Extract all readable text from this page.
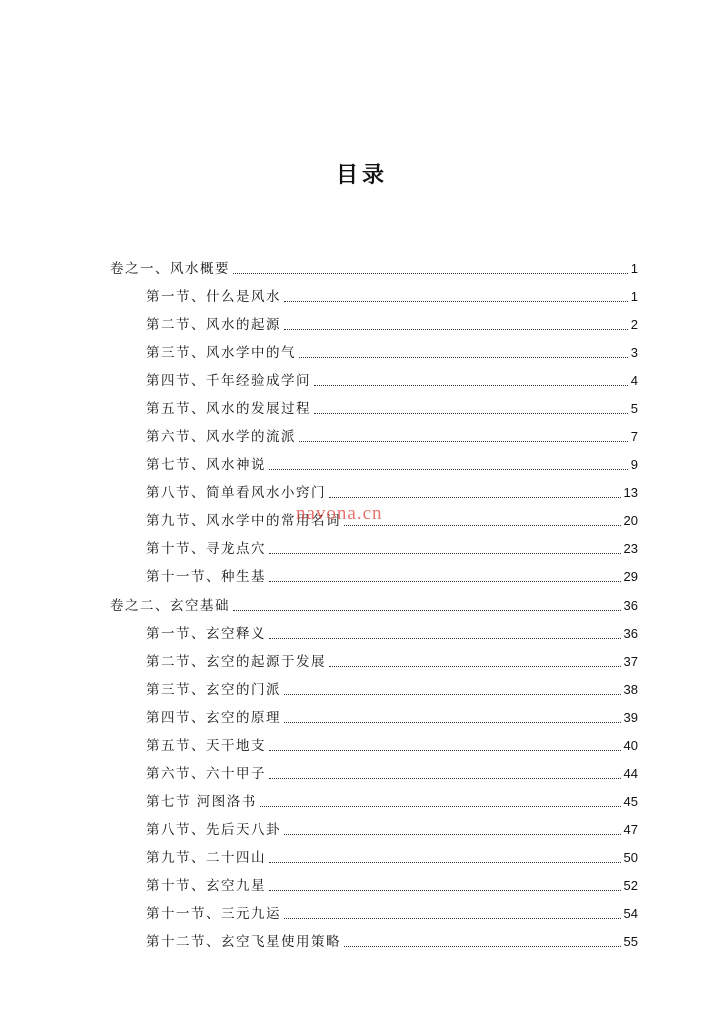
目录
卷之一、风水概要	1
第一节、什么是风水	1
第二节、风水的起源	2
第三节、风水学中的气	3
第四节、千年经验成学问	4
第五节、风水的发展过程	5
第六节、风水学的流派	7
第七节、风水神说	9
第八节、简单看风水小窍门	13
第九节、风水学中的常用名词	20
第十节、寻龙点穴	23
第十一节、种生基	29
卷之二、玄空基础	36
第一节、玄空释义	36
第二节、玄空的起源于发展	37
第三节、玄空的门派	38
第四节、玄空的原理	39
第五节、天干地支	40
第六节、六十甲子	44
第七节 河图洛书	45
第八节、先后天八卦	47
第九节、二十四山	50
第十节、玄空九星	52
第十一节、三元九运	54
第十二节、玄空飞星使用策略	55
navona.cn
